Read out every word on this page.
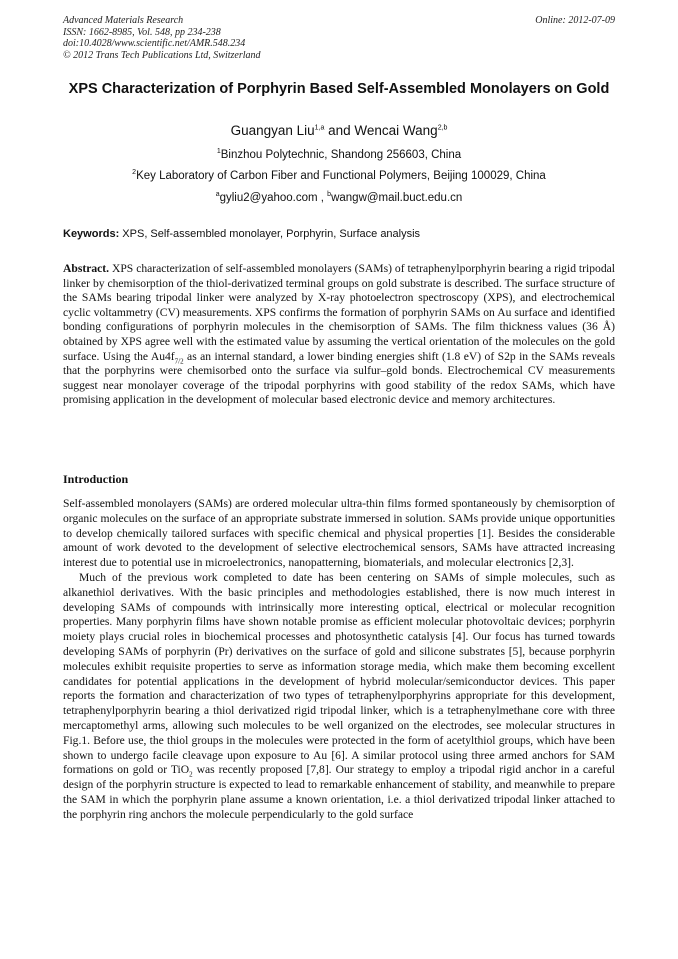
Advanced Materials Research
ISSN: 1662-8985, Vol. 548, pp 234-238
doi:10.4028/www.scientific.net/AMR.548.234
© 2012 Trans Tech Publications Ltd, Switzerland
Online: 2012-07-09
XPS Characterization of Porphyrin Based Self-Assembled Monolayers on Gold
Guangyan Liu$^{1,a}$ and Wencai Wang$^{2,b}$
$^1$Binzhou Polytechnic, Shandong 256603, China
$^2$Key Laboratory of Carbon Fiber and Functional Polymers, Beijing 100029, China
$^a$gyliu2@yahoo.com , $^b$wangw@mail.buct.edu.cn
Keywords: XPS, Self-assembled monolayer, Porphyrin, Surface analysis
Abstract. XPS characterization of self-assembled monolayers (SAMs) of tetraphenylporphyrin bearing a rigid tripodal linker by chemisorption of the thiol-derivatized terminal groups on gold substrate is described. The surface structure of the SAMs bearing tripodal linker were analyzed by X-ray photoelectron spectroscopy (XPS), and electrochemical cyclic voltammetry (CV) measurements. XPS confirms the formation of porphyrin SAMs on Au surface and identified bonding configurations of porphyrin molecules in the chemisorption of SAMs. The film thickness values (36 Å) obtained by XPS agree well with the estimated value by assuming the vertical orientation of the molecules on the gold surface. Using the $Au4f_{7/2}$ as an internal standard, a lower binding energies shift (1.8 eV) of S2p in the SAMs reveals that the porphyrins were chemisorbed onto the surface via sulfur–gold bonds. Electrochemical CV measurements suggest near monolayer coverage of the tripodal porphyrins with good stability of the redox SAMs, which have promising application in the development of molecular based electronic device and memory architectures.
Introduction

Self-assembled monolayers (SAMs) are ordered molecular ultra-thin films formed spontaneously by chemisorption of organic molecules on the surface of an appropriate substrate immersed in solution. SAMs provide unique opportunities to develop chemically tailored surfaces with specific chemical and physical properties [1]. Besides the considerable amount of work devoted to the development of selective electrochemical sensors, SAMs have attracted increasing interest due to potential use in microelectronics, nanopatterning, biomaterials, and molecular electronics [2,3].

Much of the previous work completed to date has been centering on SAMs of simple molecules, such as alkanethiol derivatives. With the basic principles and methodologies established, there is now much interest in developing SAMs of compounds with intrinsically more interesting optical, electrical or molecular recognition properties. Many porphyrin films have shown notable promise as efficient molecular photovoltaic devices; porphyrin moiety plays crucial roles in biochemical processes and photosynthetic catalysis [4]. Our focus has turned towards developing SAMs of porphyrin (Pr) derivatives on the surface of gold and silicone substrates [5], because porphyrin molecules exhibit requisite properties to serve as information storage media, which make them becoming excellent candidates for potential applications in the development of hybrid molecular/semiconductor devices. This paper reports the formation and characterization of two types of tetraphenylporphyrins appropriate for this development, tetraphenylporphyrin bearing a thiol derivatized rigid tripodal linker, which is a tetraphenylmethane core with three mercaptomethyl arms, allowing such molecules to be well organized on the electrodes, see molecular structures in Fig.1. Before use, the thiol groups in the molecules were protected in the form of acetylthiol groups, which have been shown to undergo facile cleavage upon exposure to Au [6]. A similar protocol using three armed anchors for SAM formations on gold or TiO$_2$ was recently proposed [7,8]. Our strategy to employ a tripodal rigid anchor in a careful design of the porphyrin structure is expected to lead to remarkable enhancement of stability, and meanwhile to prepare the SAM in which the porphyrin plane assume a known orientation, i.e. a thiol derivatized tripodal linker attached to the porphyrin ring anchors the molecule perpendicularly to the gold surface
